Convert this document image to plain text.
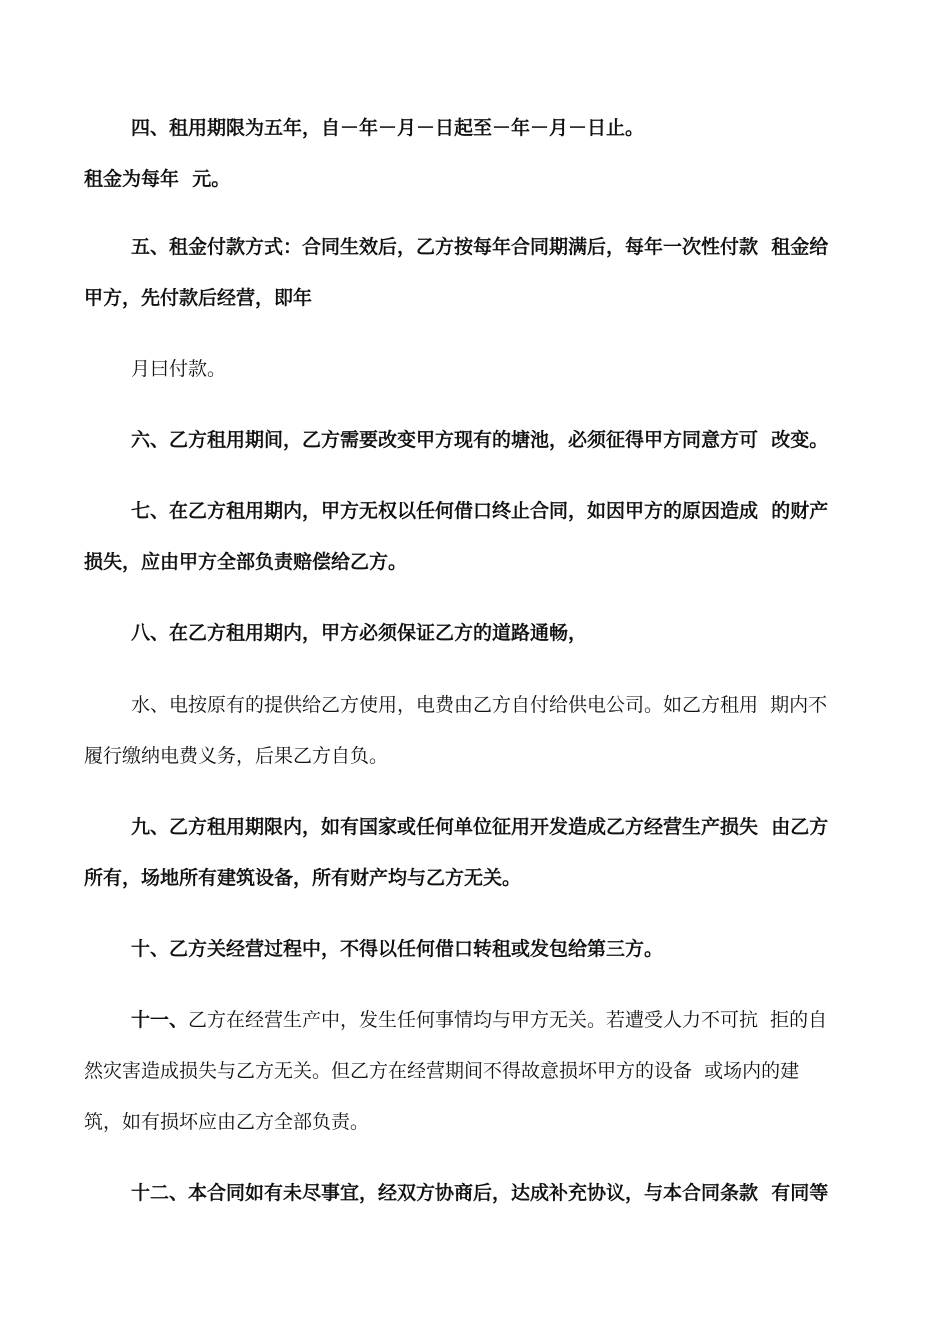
四、租用期限为五年，自－年－月－日起至－年－月－日止。
租金为每年  元。
五、租金付款方式：合同生效后，乙方按每年合同期满后，每年一次性付款  租金给
甲方，先付款后经营，即年
月曰付款。
六、乙方租用期间，乙方需要改变甲方现有的塘池，必须征得甲方同意方可  改变。
七、在乙方租用期内，甲方无权以任何借口终止合同，如因甲方的原因造成  的财产
损失，应由甲方全部负责赔偿给乙方。
八、在乙方租用期内，甲方必须保证乙方的道路通畅，
水、电按原有的提供给乙方使用，电费由乙方自付给供电公司。如乙方租用  期内不
履行缴纳电费义务，后果乙方自负。
九、乙方租用期限内，如有国家或任何单位征用开发造成乙方经营生产损失  由乙方
所有，场地所有建筑设备，所有财产均与乙方无关。
十、乙方关经营过程中，不得以任何借口转租或发包给第三方。
十一、乙方在经营生产中，发生任何事情均与甲方无关。若遭受人力不可抗  拒的自
然灾害造成损失与乙方无关。但乙方在经营期间不得故意损坏甲方的设备  或场内的建
筑，如有损坏应由乙方全部负责。
十二、本合同如有未尽事宜，经双方协商后，达成补充协议，与本合同条款  有同等
